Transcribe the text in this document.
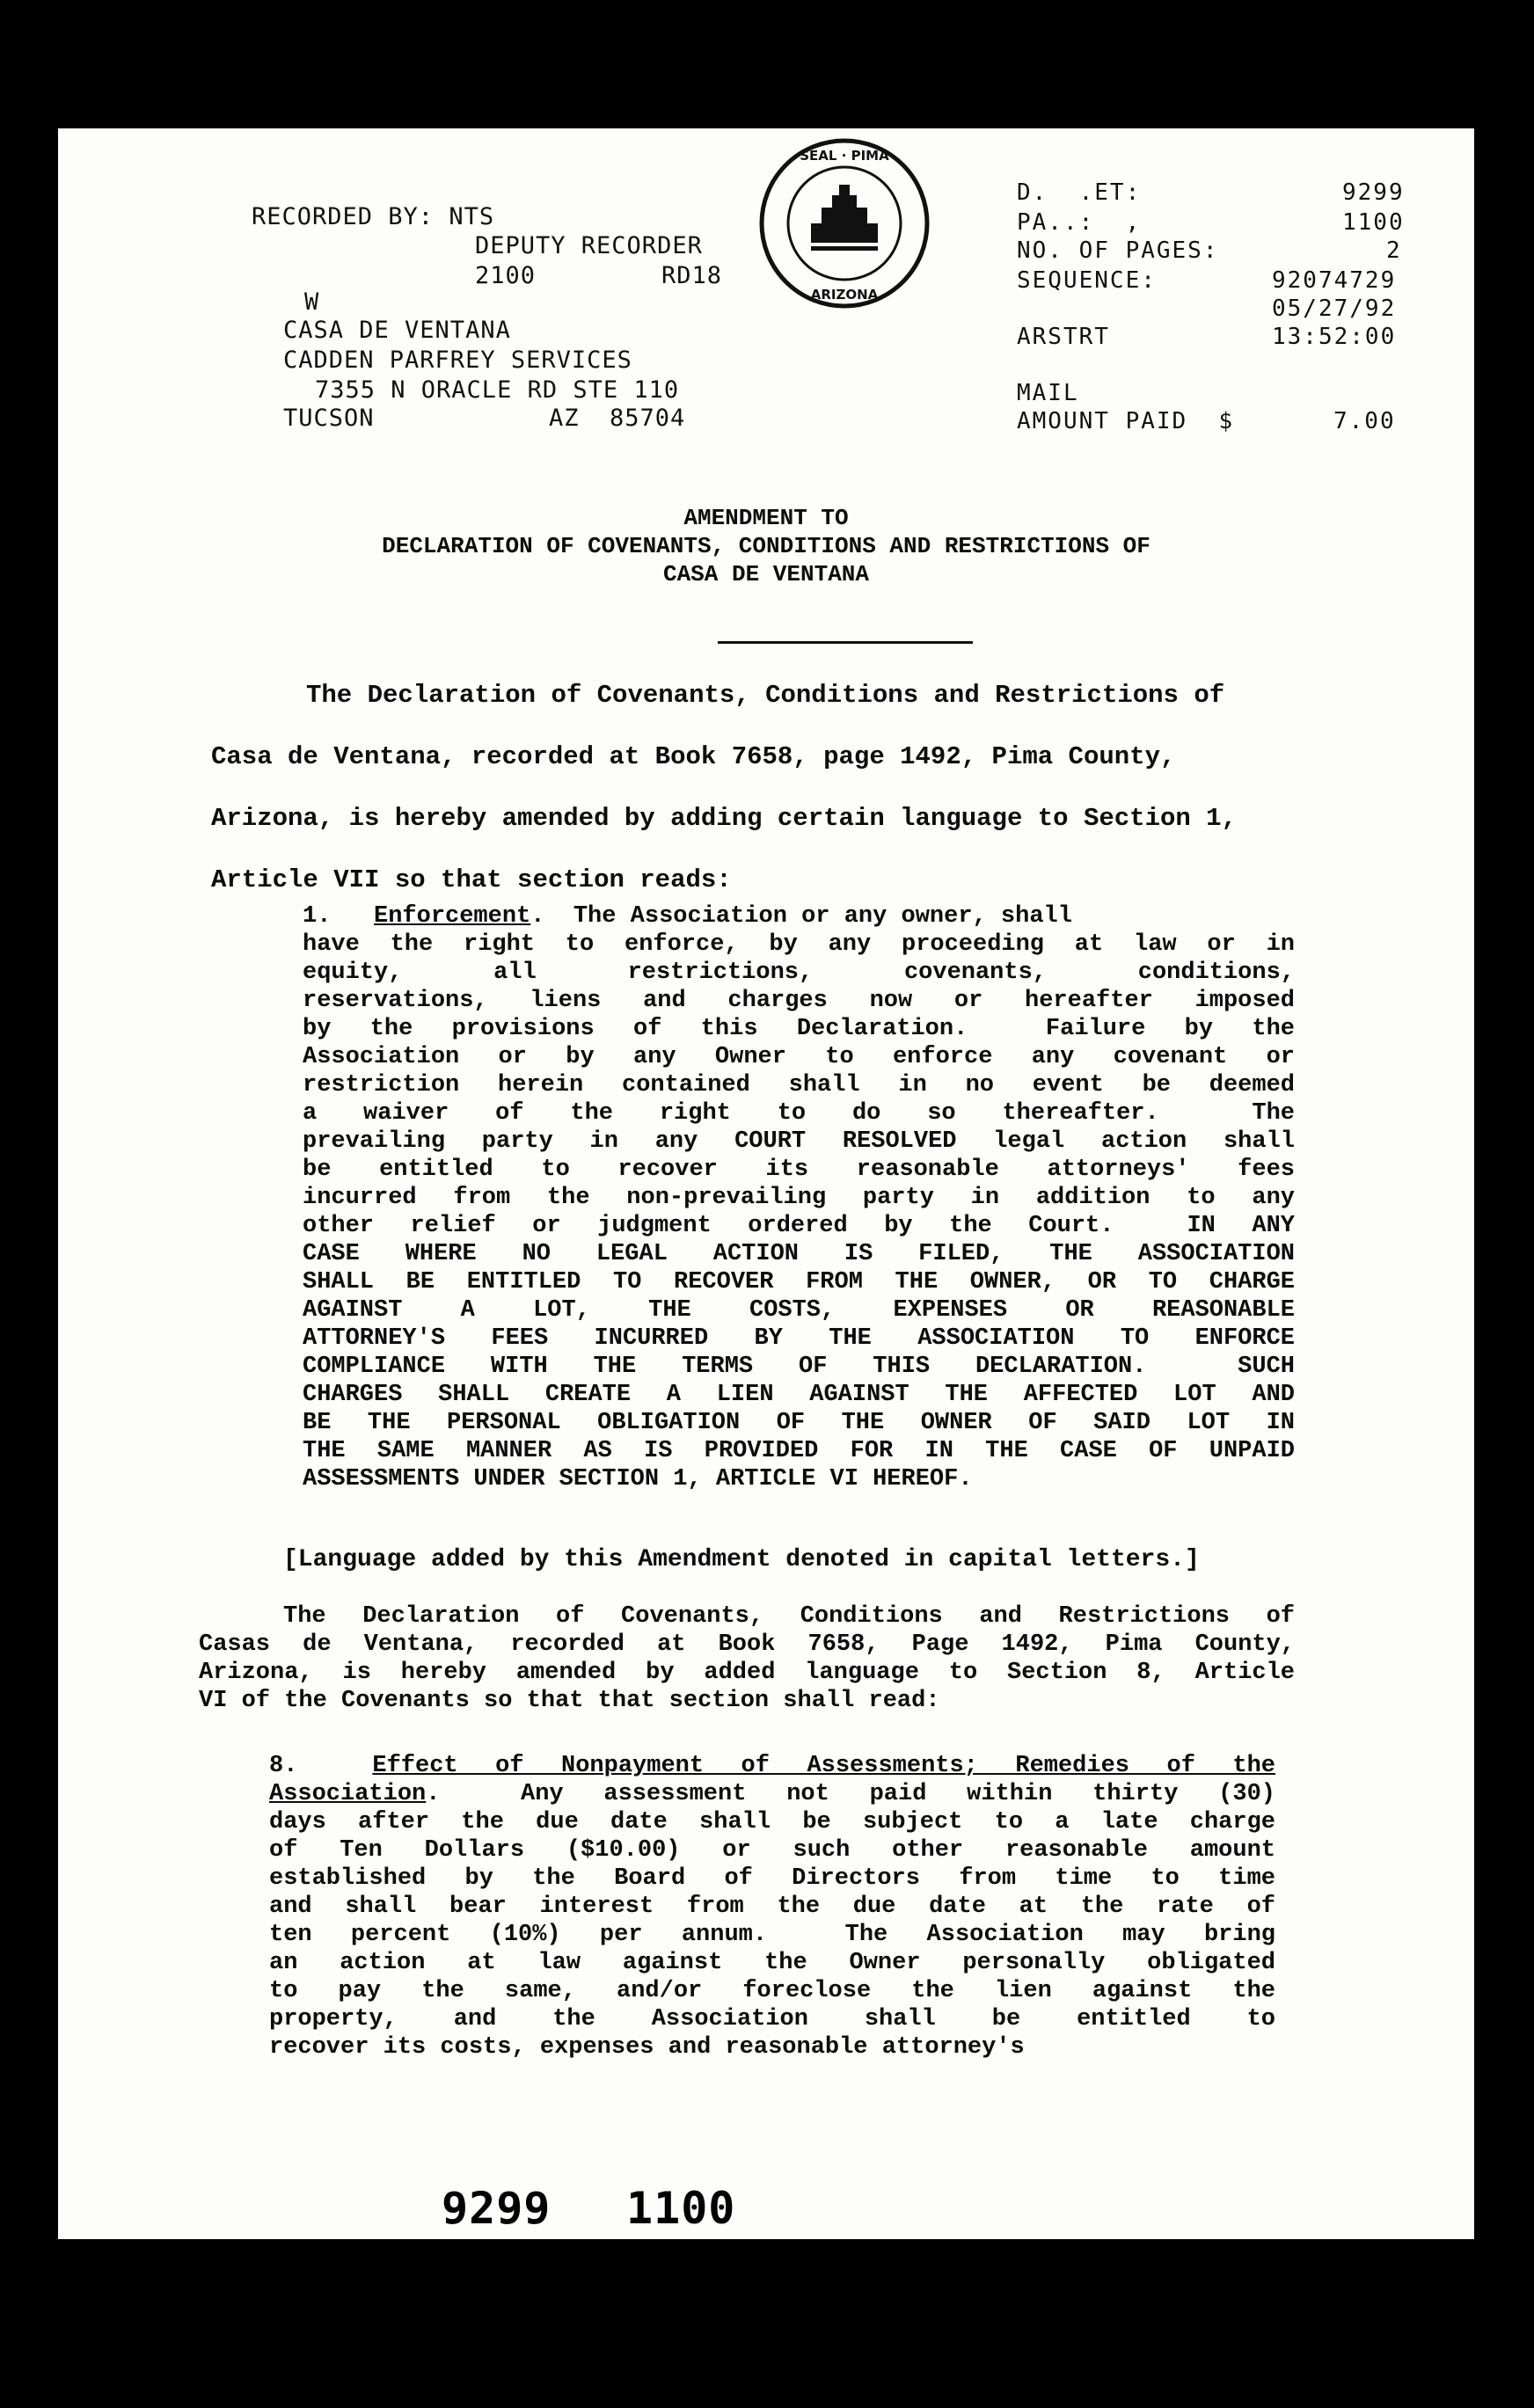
RECORDED BY: NTS
DEPUTY RECORDER
2100	RD18
W
CASA DE VENTANA
CADDEN PARFREY SERVICES
7355 N ORACLE RD STE 110
TUCSON	AZ  85704
SEAL · PIMA
ARIZONA
D.  .ET:	9299
PA..:  ,	1100
NO. OF PAGES:	2
SEQUENCE:	92074729
05/27/92
ARSTRT	13:52:00
MAIL
AMOUNT PAID  $	7.00
AMENDMENT TO
DECLARATION OF COVENANTS, CONDITIONS AND RESTRICTIONS OF
CASA DE VENTANA
The Declaration of Covenants, Conditions and Restrictions of
Casa de Ventana, recorded at Book 7658, page 1492, Pima County,
Arizona, is hereby amended by adding certain language to Section 1,
Article VII so that section reads:
1. Enforcement.  The Association or any owner, shall
have the right to enforce, by any proceeding at law or in
equity,  all  restrictions,  covenants,  conditions,
reservations, liens and charges now or hereafter imposed
by the provisions of this Declaration.  Failure by the
Association or by any Owner to enforce any covenant or
restriction herein contained shall in no event be deemed
a waiver of the right to do so thereafter.  The
prevailing party in any COURT RESOLVED legal action shall
be entitled to recover its reasonable attorneys' fees
incurred from the non-prevailing party in addition to any
other relief or judgment ordered by the Court.  IN ANY
CASE WHERE NO LEGAL ACTION IS FILED, THE ASSOCIATION
SHALL BE ENTITLED TO RECOVER FROM THE OWNER, OR TO CHARGE
AGAINST A LOT, THE COSTS, EXPENSES OR REASONABLE
ATTORNEY'S FEES INCURRED BY THE ASSOCIATION TO ENFORCE
COMPLIANCE WITH THE TERMS OF THIS DECLARATION.  SUCH
CHARGES SHALL CREATE A LIEN AGAINST THE AFFECTED LOT AND
BE THE PERSONAL OBLIGATION OF THE OWNER OF SAID LOT IN
THE SAME MANNER AS IS PROVIDED FOR IN THE CASE OF UNPAID
ASSESSMENTS UNDER SECTION 1, ARTICLE VI HEREOF.
[Language added by this Amendment denoted in capital letters.]
The Declaration of Covenants, Conditions and Restrictions of
Casas de Ventana, recorded at Book 7658, Page 1492, Pima County,
Arizona, is hereby amended by added language to Section 8, Article
VI of the Covenants so that that section shall read:
8.	Effect of Nonpayment of Assessments; Remedies of the
Association.  Any assessment not paid within thirty (30)
days after the due date shall be subject to a late charge
of Ten Dollars ($10.00) or such other reasonable amount
established by the Board of Directors from time to time
and shall bear interest from the due date at the rate of
ten percent (10%) per annum.  The Association may bring
an action at law against the Owner personally obligated
to pay the same, and/or foreclose the lien against the
property, and the Association shall be entitled to
recover its costs, expenses and reasonable attorney's
9299 1100
